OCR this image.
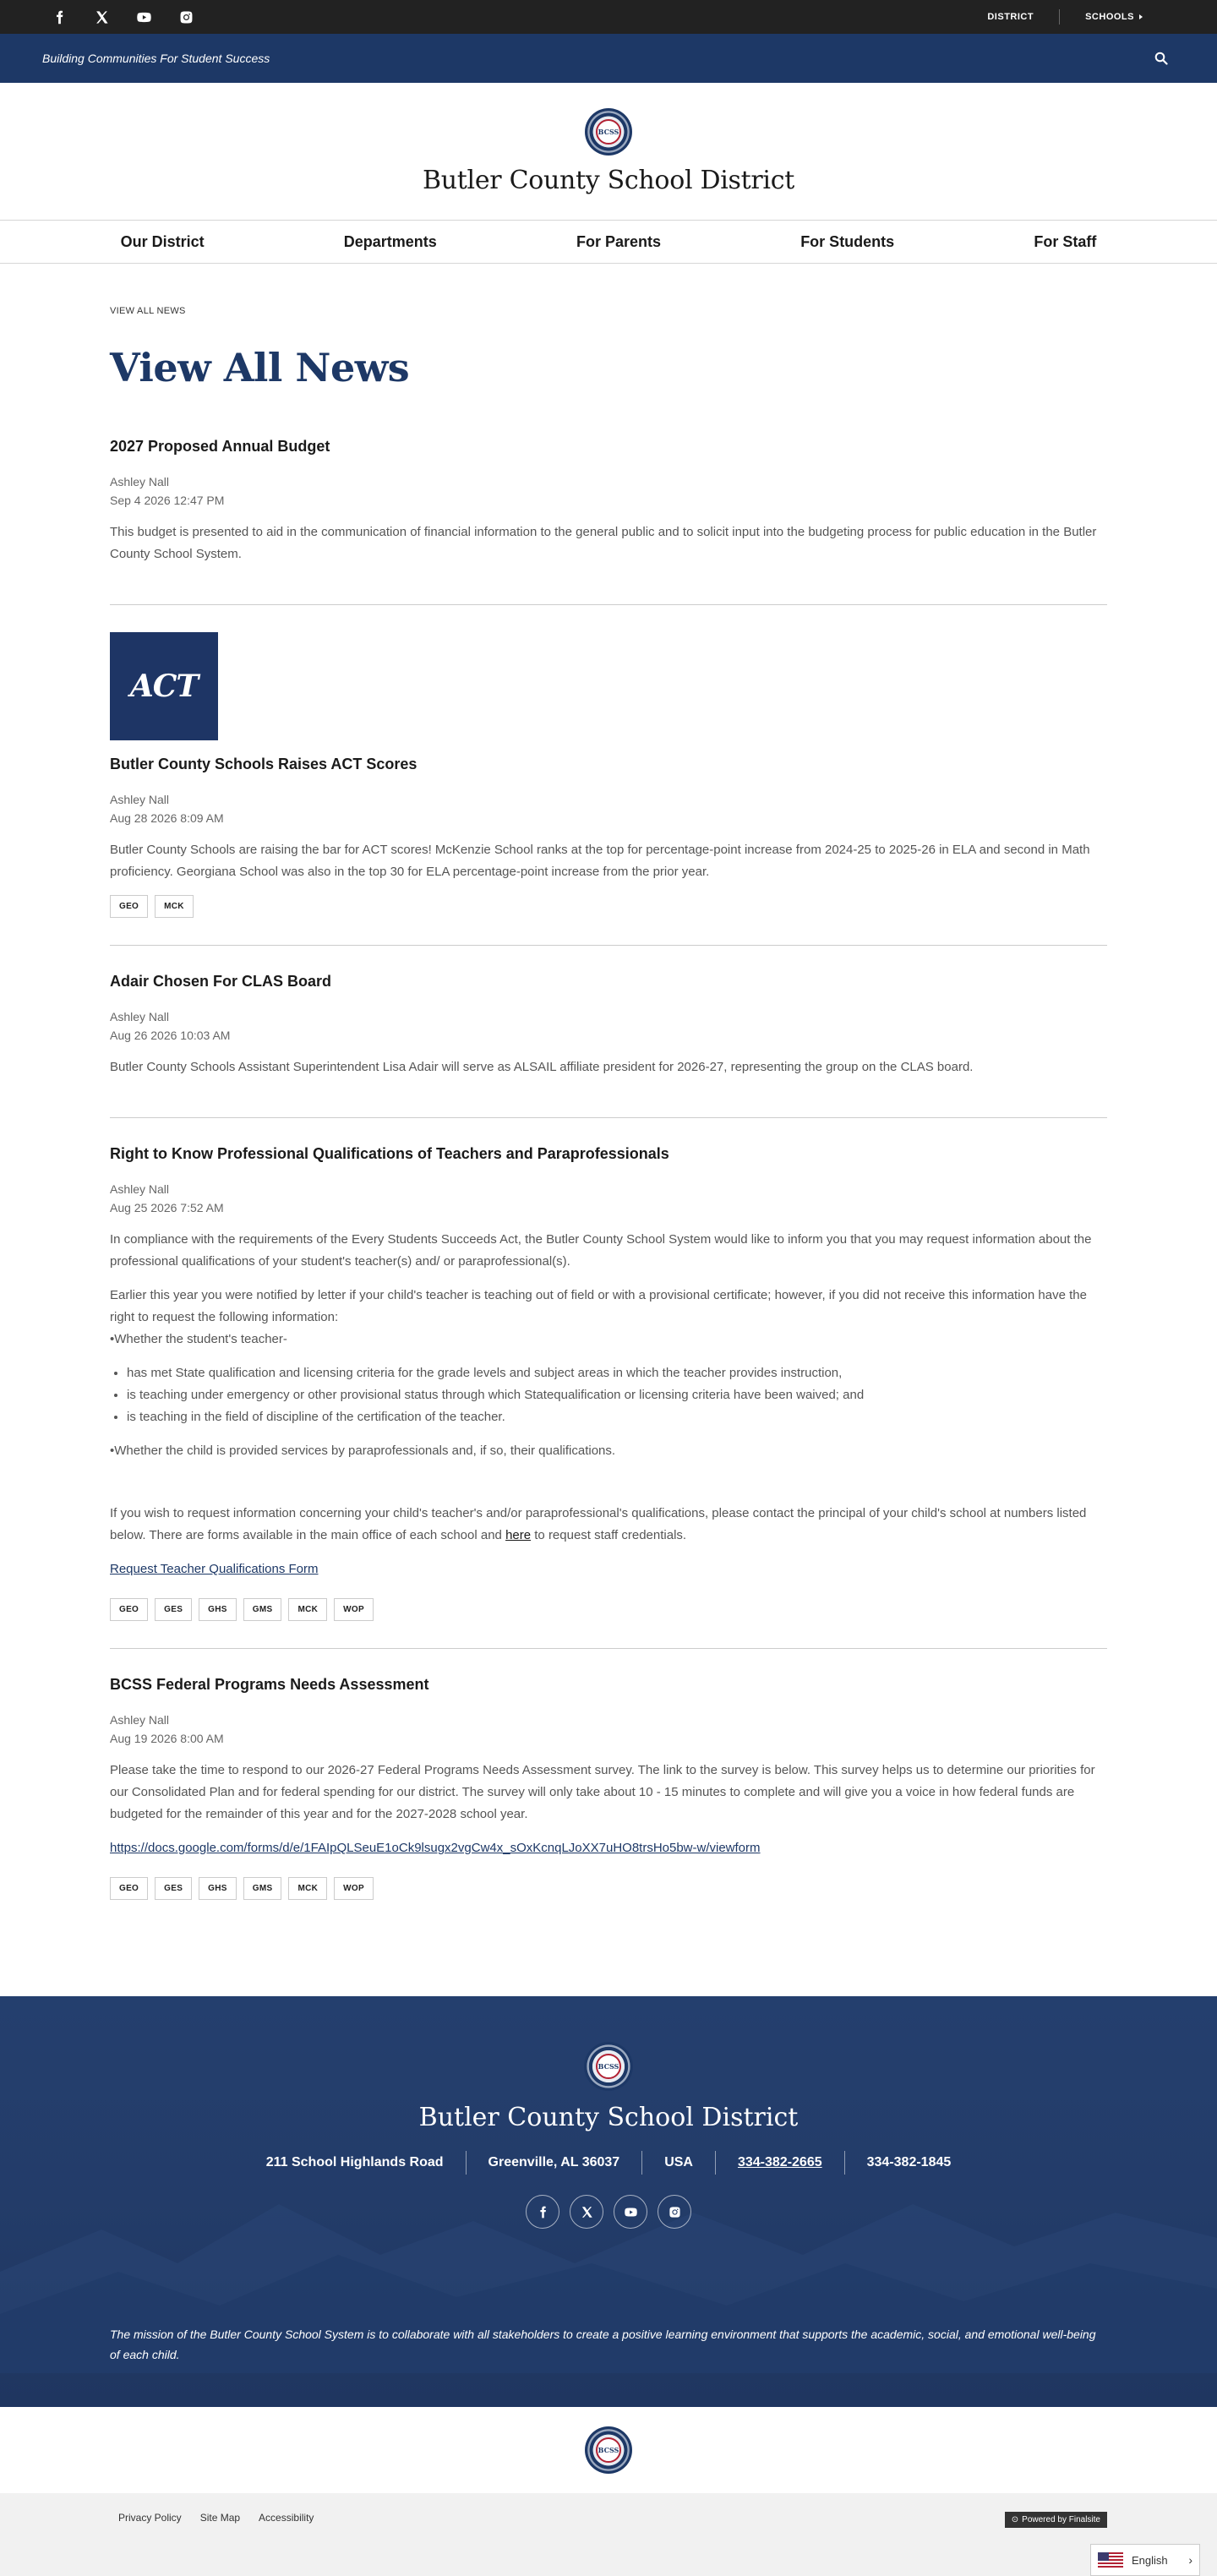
DISTRICT	SCHOOLS
Building Communities For Student Success
BCSS
Butler County School District
Our District	Departments	For Parents	For Students	For Staff
VIEW ALL NEWS
View All News
2027 Proposed Annual Budget
Ashley Nall
Sep 4 2026 12:47 PM

This budget is presented to aid in the communication of financial information to the general public and to solicit input into the budgeting process for public education in the Butler County School System.

ACT
Butler County Schools Raises ACT Scores
Ashley Nall
Aug 28 2026 8:09 AM

Butler County Schools are raising the bar for ACT scores! McKenzie School ranks at the top for percentage-point increase from 2024-25 to 2025-26 in ELA and second in Math proficiency. Georgiana School was also in the top 30 for ELA percentage-point increase from the prior year.

GEO	MCK
Adair Chosen For CLAS Board
Ashley Nall
Aug 26 2026 10:03 AM

Butler County Schools Assistant Superintendent Lisa Adair will serve as ALSAIL affiliate president for 2026-27, representing the group on the CLAS board.

Right to Know Professional Qualifications of Teachers and Paraprofessionals
Ashley Nall
Aug 25 2026 7:52 AM

In compliance with the requirements of the Every Students Succeeds Act, the Butler County School System would like to inform you that you may request information about the professional qualifications of your student's teacher(s) and/ or paraprofessional(s).

Earlier this year you were notified by letter if your child's teacher is teaching out of field or with a provisional certificate; however, if you did not receive this information have the right to request the following information:
•Whether the student's teacher-

• has met State qualification and licensing criteria for the grade levels and subject areas in which the teacher provides instruction,
• is teaching under emergency or other provisional status through which Statequalification or licensing criteria have been waived; and
• is teaching in the field of discipline of the certification of the teacher.

•Whether the child is provided services by paraprofessionals and, if so, their qualifications.

If you wish to request information concerning your child's teacher's and/or paraprofessional's qualifications, please contact the principal of your child's school at numbers listed below. There are forms available in the main office of each school and here to request staff credentials.

Request Teacher Qualifications Form
GEO	GES	GHS	GMS	MCK	WOP
BCSS Federal Programs Needs Assessment
Ashley Nall
Aug 19 2026 8:00 AM

Please take the time to respond to our 2026-27 Federal Programs Needs Assessment survey. The link to the survey is below. This survey helps us to determine our priorities for our Consolidated Plan and for federal spending for our district. The survey will only take about 10 - 15 minutes to complete and will give you a voice in how federal funds are budgeted for the remainder of this year and for the 2027-2028 school year.

https://docs.google.com/forms/d/e/1FAIpQLSeuE1oCk9lsugx2vgCw4x_sOxKcnqLJoXX7uHO8trsHo5bw-w/viewform
GEO	GES	GHS	GMS	MCK	WOP
BCSS
Butler County School District
211 School Highlands Road	Greenville, AL 36037	USA	334-382-2665	334-382-1845
The mission of the Butler County School System is to collaborate with all stakeholders to create a positive learning environment that supports the academic, social, and emotional well-being of each child.
BCSS
Privacy Policy Site Map Accessibility	⊙ Powered by Finalsite
English ›
